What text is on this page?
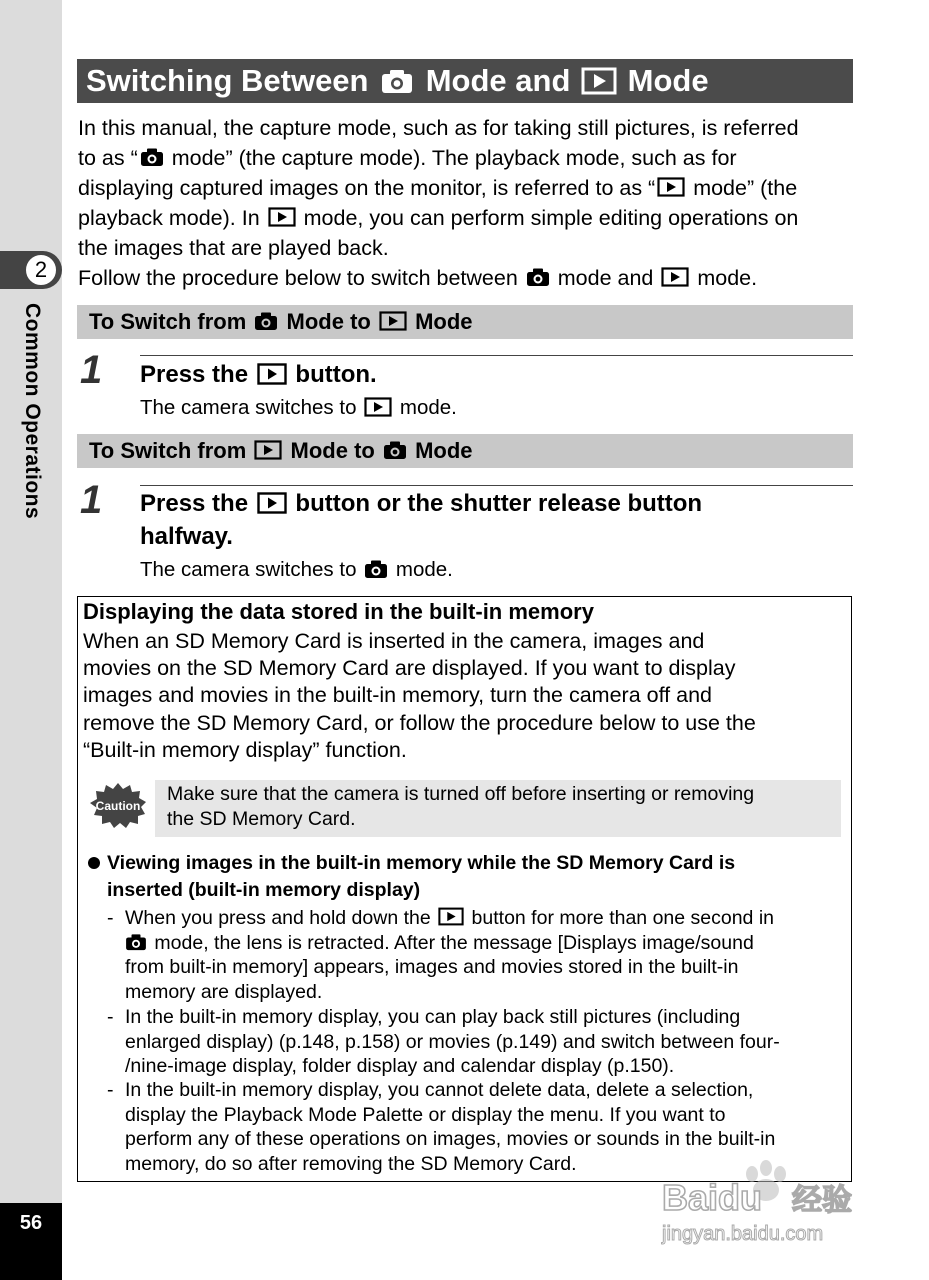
2
Common Operations
56
Switching Between Mode and Mode
In this manual, the capture mode, such as for taking still pictures, is referred
to as “ mode” (the capture mode). The playback mode, such as for
displaying captured images on the monitor, is referred to as “ mode” (the
playback mode). In  mode, you can perform simple editing operations on
the images that are played back.
Follow the procedure below to switch between  mode and  mode.
To Switch from Mode to Mode
1 Press the  button.
The camera switches to  mode.
To Switch from Mode to Mode
1 Press the  button or the shutter release button
halfway.
The camera switches to  mode.
Displaying the data stored in the built-in memory
When an SD Memory Card is inserted in the camera, images and
movies on the SD Memory Card are displayed. If you want to display
images and movies in the built-in memory, turn the camera off and
remove the SD Memory Card, or follow the procedure below to use the
“Built-in memory display” function.
Caution
Make sure that the camera is turned off before inserting or removing
the SD Memory Card.
Viewing images in the built-in memory while the SD Memory Card is
inserted (built-in memory display)
- When you press and hold down the  button for more than one second in
mode, the lens is retracted. After the message [Displays image/sound
from built-in memory] appears, images and movies stored in the built-in
memory are displayed.
- In the built-in memory display, you can play back still pictures (including
enlarged display) (p.148, p.158) or movies (p.149) and switch between four-
/nine-image display, folder display and calendar display (p.150).
- In the built-in memory display, you cannot delete data, delete a selection,
display the Playback Mode Palette or display the menu. If you want to
perform any of these operations on images, movies or sounds in the built-in
memory, do so after removing the SD Memory Card.
Baidu 经验
jingyan.baidu.com
